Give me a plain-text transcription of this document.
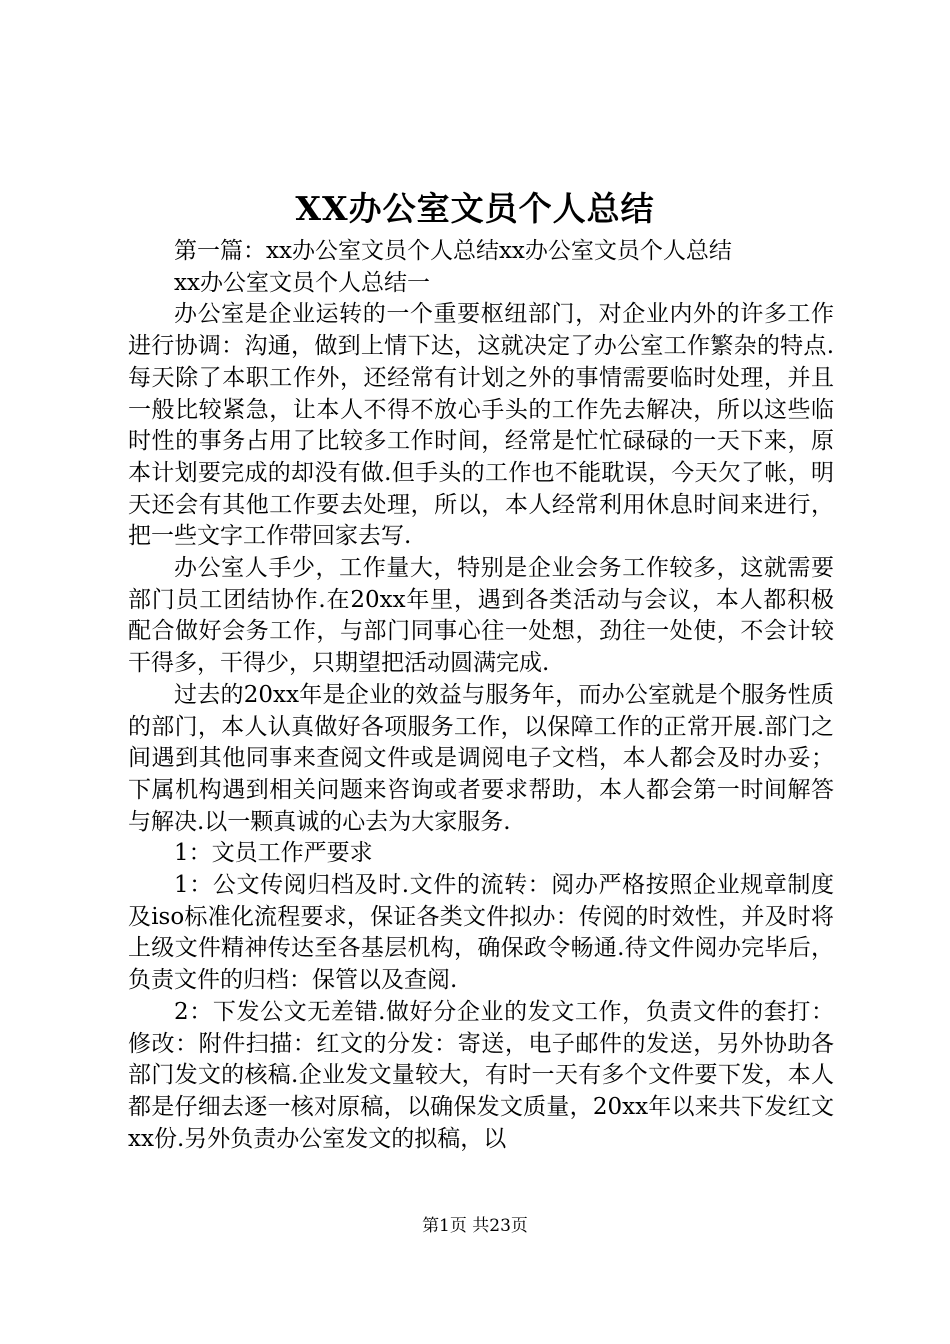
XX办公室文员个人总结

第一篇：xx办公室文员个人总结xx办公室文员个人总结

xx办公室文员个人总结一

办公室是企业运转的一个重要枢纽部门，对企业内外的许多工作进行协调：沟通，做到上情下达，这就决定了办公室工作繁杂的特点.每天除了本职工作外，还经常有计划之外的事情需要临时处理，并且一般比较紧急，让本人不得不放心手头的工作先去解决，所以这些临时性的事务占用了比较多工作时间，经常是忙忙碌碌的一天下来，原本计划要完成的却没有做.但手头的工作也不能耽误，今天欠了帐，明天还会有其他工作要去处理，所以，本人经常利用休息时间来进行，把一些文字工作带回家去写.

办公室人手少，工作量大，特别是企业会务工作较多，这就需要部门员工团结协作.在20xx年里，遇到各类活动与会议，本人都积极配合做好会务工作，与部门同事心往一处想，劲往一处使，不会计较干得多，干得少，只期望把活动圆满完成.

过去的20xx年是企业的效益与服务年，而办公室就是个服务性质的部门，本人认真做好各项服务工作，以保障工作的正常开展.部门之间遇到其他同事来查阅文件或是调阅电子文档，本人都会及时办妥；下属机构遇到相关问题来咨询或者要求帮助，本人都会第一时间解答与解决.以一颗真诚的心去为大家服务.

1：文员工作严要求

1：公文传阅归档及时.文件的流转：阅办严格按照企业规章制度及iso标准化流程要求，保证各类文件拟办：传阅的时效性，并及时将上级文件精神传达至各基层机构，确保政令畅通.待文件阅办完毕后，负责文件的归档：保管以及查阅.

2：下发公文无差错.做好分企业的发文工作，负责文件的套打：修改：附件扫描：红文的分发：寄送，电子邮件的发送，另外协助各部门发文的核稿.企业发文量较大，有时一天有多个文件要下发，本人都是仔细去逐一核对原稿，以确保发文质量，20xx年以来共下发红文xx份.另外负责办公室发文的拟稿，以

第1页 共23页
